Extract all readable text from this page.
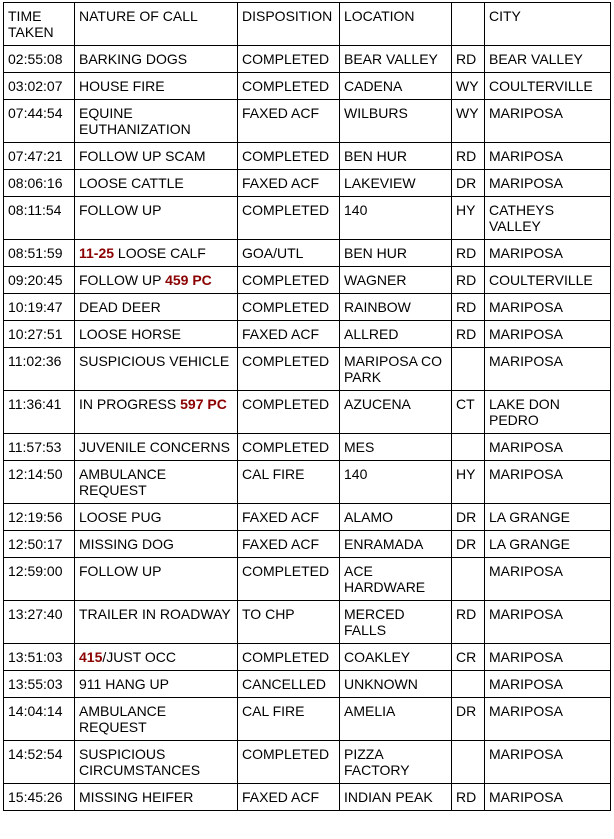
TIME TAKEN	NATURE OF CALL	DISPOSITION	LOCATION		CITY
02:55:08	BARKING DOGS	COMPLETED	BEAR VALLEY	RD	BEAR VALLEY
03:02:07	HOUSE FIRE	COMPLETED	CADENA	WY	COULTERVILLE
07:44:54	EQUINE EUTHANIZATION	FAXED ACF	WILBURS	WY	MARIPOSA
07:47:21	FOLLOW UP SCAM	COMPLETED	BEN HUR	RD	MARIPOSA
08:06:16	LOOSE CATTLE	FAXED ACF	LAKEVIEW	DR	MARIPOSA
08:11:54	FOLLOW UP	COMPLETED	140	HY	CATHEYS VALLEY
08:51:59	11-25 LOOSE CALF	GOA/UTL	BEN HUR	RD	MARIPOSA
09:20:45	FOLLOW UP 459 PC	COMPLETED	WAGNER	RD	COULTERVILLE
10:19:47	DEAD DEER	COMPLETED	RAINBOW	RD	MARIPOSA
10:27:51	LOOSE HORSE	FAXED ACF	ALLRED	RD	MARIPOSA
11:02:36	SUSPICIOUS VEHICLE	COMPLETED	MARIPOSA CO PARK		MARIPOSA
11:36:41	IN PROGRESS 597 PC	COMPLETED	AZUCENA	CT	LAKE DON PEDRO
11:57:53	JUVENILE CONCERNS	COMPLETED	MES		MARIPOSA
12:14:50	AMBULANCE REQUEST	CAL FIRE	140	HY	MARIPOSA
12:19:56	LOOSE PUG	FAXED ACF	ALAMO	DR	LA GRANGE
12:50:17	MISSING DOG	FAXED ACF	ENRAMADA	DR	LA GRANGE
12:59:00	FOLLOW UP	COMPLETED	ACE HARDWARE		MARIPOSA
13:27:40	TRAILER IN ROADWAY	TO CHP	MERCED FALLS	RD	MARIPOSA
13:51:03	415/JUST OCC	COMPLETED	COAKLEY	CR	MARIPOSA
13:55:03	911 HANG UP	CANCELLED	UNKNOWN		MARIPOSA
14:04:14	AMBULANCE REQUEST	CAL FIRE	AMELIA	DR	MARIPOSA
14:52:54	SUSPICIOUS CIRCUMSTANCES	COMPLETED	PIZZA FACTORY		MARIPOSA
15:45:26	MISSING HEIFER	FAXED ACF	INDIAN PEAK	RD	MARIPOSA
